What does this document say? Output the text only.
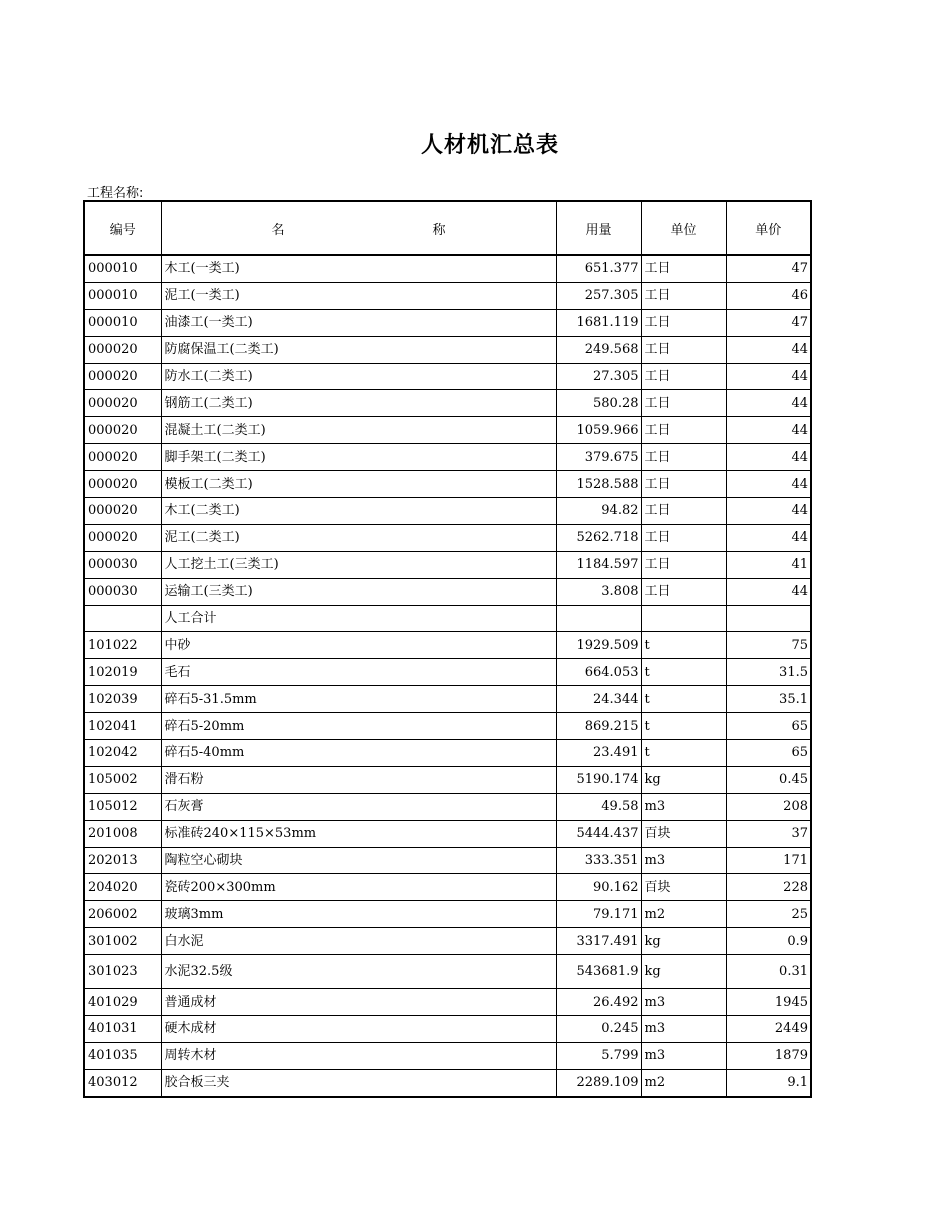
人材机汇总表
工程名称:
编号	名 称	用量	单位	单价
000010	木工(一类工)	651.377	工日	47
000010	泥工(一类工)	257.305	工日	46
000010	油漆工(一类工)	1681.119	工日	47
000020	防腐保温工(二类工)	249.568	工日	44
000020	防水工(二类工)	27.305	工日	44
000020	钢筋工(二类工)	580.28	工日	44
000020	混凝土工(二类工)	1059.966	工日	44
000020	脚手架工(二类工)	379.675	工日	44
000020	模板工(二类工)	1528.588	工日	44
000020	木工(二类工)	94.82	工日	44
000020	泥工(二类工)	5262.718	工日	44
000030	人工挖土工(三类工)	1184.597	工日	41
000030	运输工(三类工)	3.808	工日	44
	人工合计			
101022	中砂	1929.509	t	75
102019	毛石	664.053	t	31.5
102039	碎石5-31.5mm	24.344	t	35.1
102041	碎石5-20mm	869.215	t	65
102042	碎石5-40mm	23.491	t	65
105002	滑石粉	5190.174	kg	0.45
105012	石灰膏	49.58	m3	208
201008	标准砖240×115×53mm	5444.437	百块	37
202013	陶粒空心砌块	333.351	m3	171
204020	瓷砖200×300mm	90.162	百块	228
206002	玻璃3mm	79.171	m2	25
301002	白水泥	3317.491	kg	0.9
301023	水泥32.5级	543681.9	kg	0.31
401029	普通成材	26.492	m3	1945
401031	硬木成材	0.245	m3	2449
401035	周转木材	5.799	m3	1879
403012	胶合板三夹	2289.109	m2	9.1
